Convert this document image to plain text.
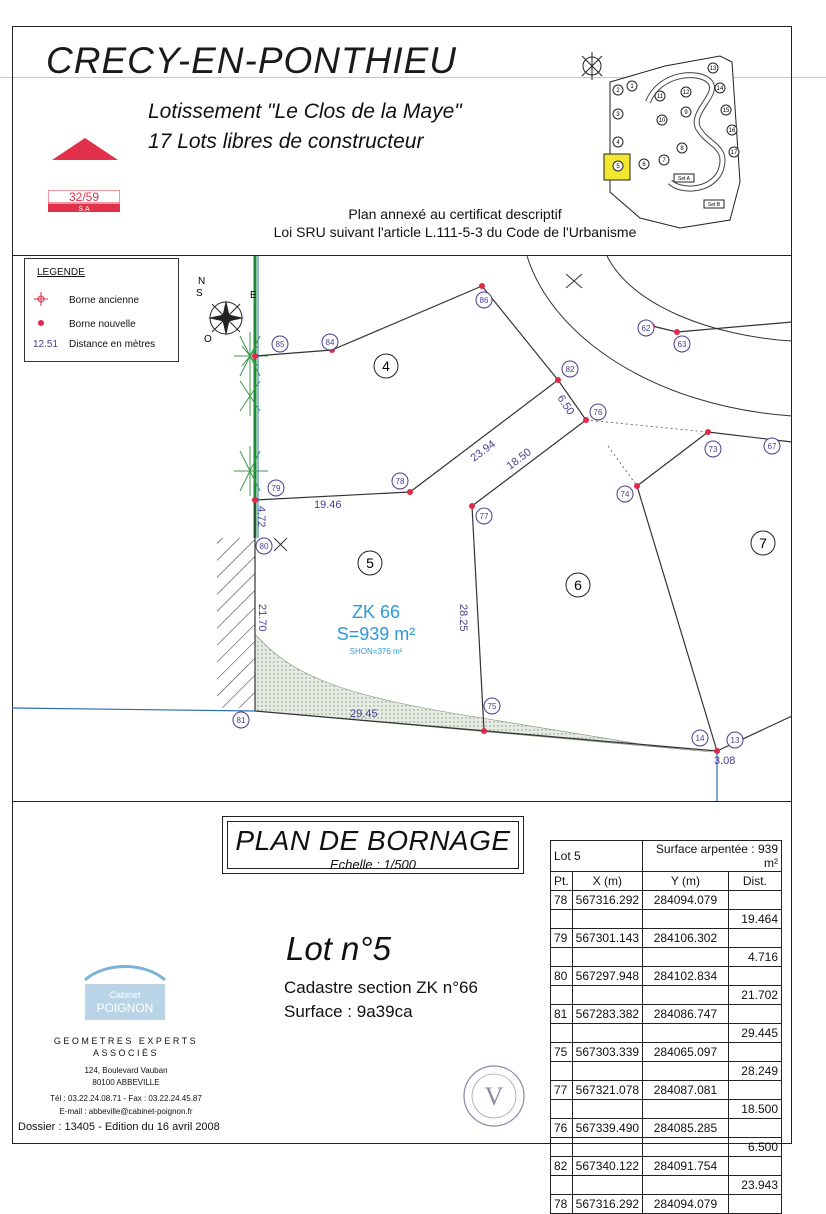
CRECY-EN-PONTHIEU
Lotissement "Le Clos de la Maye"
17 Lots libres de constructeur
32/59
S.A	Plan annexé au certificat descriptif
Loi SRU suivant l'article L.111-5-3 du Code de l'Urbanisme
2
1
3
4
5	6
7
8
9
10
11
12
13
14
15
16
17
Set A
Set B
N
O
E
S
86
85	84
82
76
62
63
73	67
79
78
74
77
80
81
75
14	13
19.46
23.94
6.50
18.50
4.72
21.70	28.25
29.45
3.08
4
5
6
7
ZK 66
S=939 m²
SHON=376 m²
LEGENDE
Borne ancienne
Borne nouvelle
12.51	Distance en mètres
PLAN DE BORNAGE
Echelle : 1/500
Lot n°5
Cadastre section ZK n°66
Surface : 9a39ca
Lot 5		Surface arpentée : 939 m²	
Pt.	X (m)	Y (m)	Dist.
78	567316.292	284094.079	
			19.464
79	567301.143	284106.302	
			4.716
80	567297.948	284102.834	
			21.702
81	567283.382	284086.747	
			29.445
75	567303.339	284065.097	
			28.249
77	567321.078	284087.081	
			18.500
76	567339.490	284085.285	
			6.500
82	567340.122	284091.754	
			23.943
78	567316.292	284094.079	
Cabinet
POIGNON
GEOMETRES EXPERTS
ASSOCIÉS
124, Boulevard Vauban
80100 ABBEVILLE
Tél : 03.22.24.08.71 - Fax : 03.22.24.45.87
E-mail : abbeville@cabinet-poignon.fr
Dossier : 13405 - Edition du 16 avril 2008
V
